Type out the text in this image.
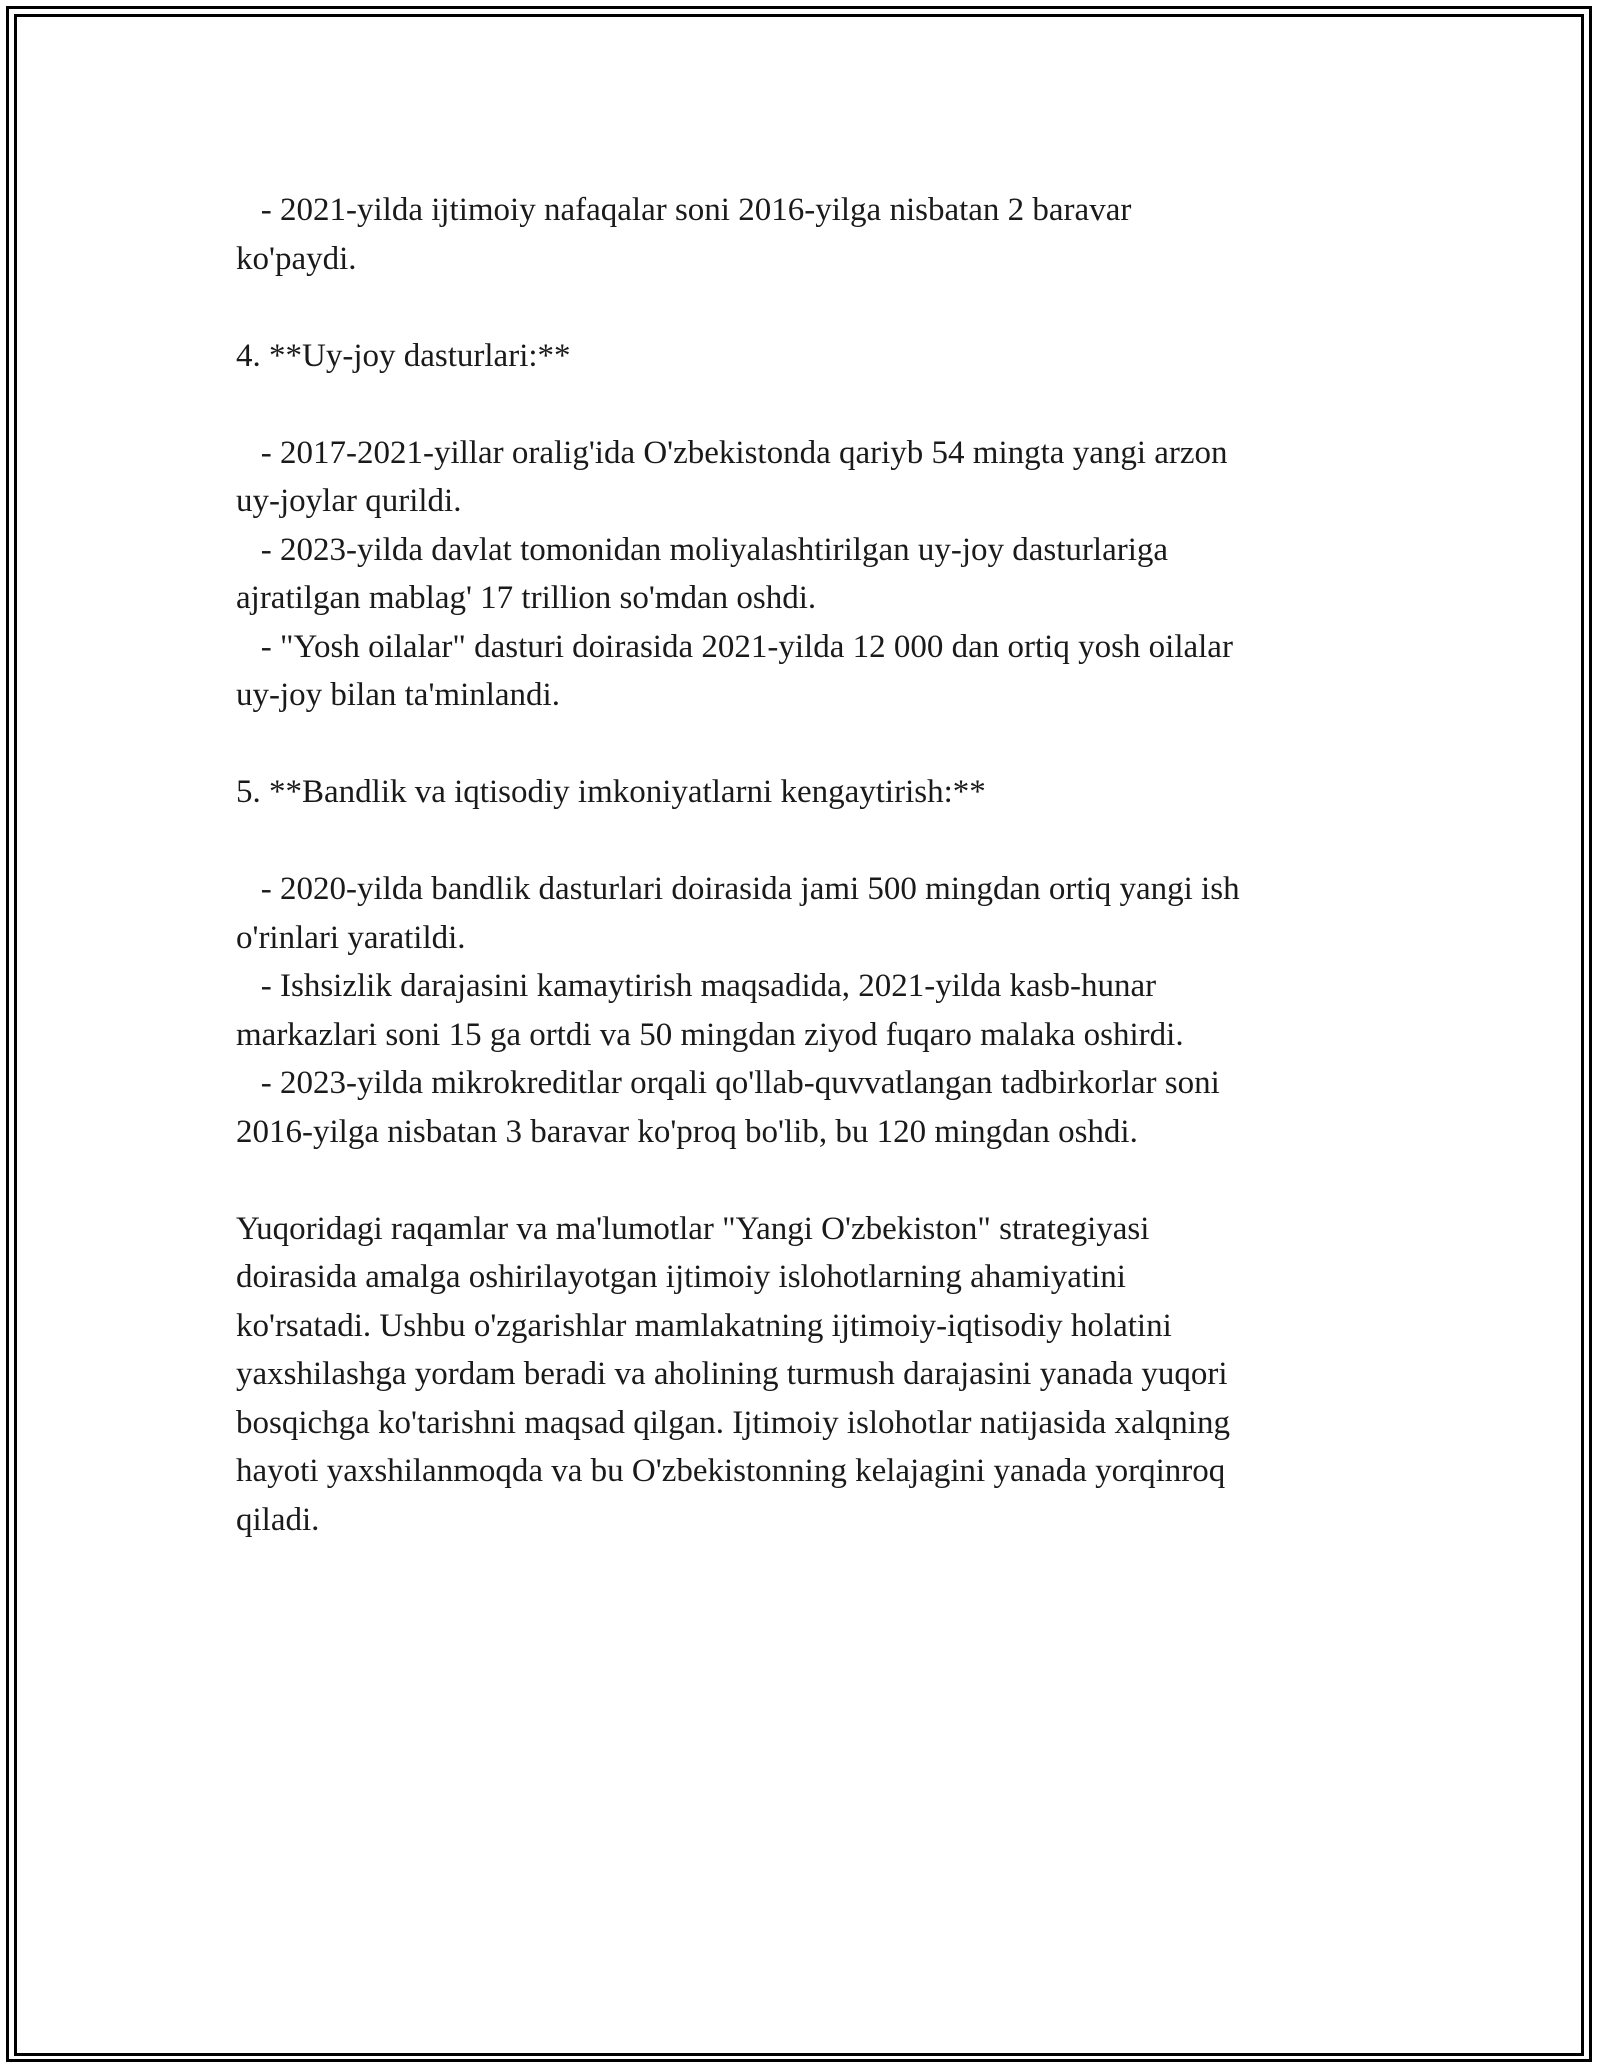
- 2021-yilda ijtimoiy nafaqalar soni 2016-yilga nisbatan 2 baravar
ko'paydi.
4. **Uy-joy dasturlari:**
- 2017-2021-yillar oralig'ida O'zbekistonda qariyb 54 mingta yangi arzon
uy-joylar qurildi.
- 2023-yilda davlat tomonidan moliyalashtirilgan uy-joy dasturlariga
ajratilgan mablag' 17 trillion so'mdan oshdi.
- "Yosh oilalar" dasturi doirasida 2021-yilda 12 000 dan ortiq yosh oilalar
uy-joy bilan ta'minlandi.
5. **Bandlik va iqtisodiy imkoniyatlarni kengaytirish:**
- 2020-yilda bandlik dasturlari doirasida jami 500 mingdan ortiq yangi ish
o'rinlari yaratildi.
- Ishsizlik darajasini kamaytirish maqsadida, 2021-yilda kasb-hunar
markazlari soni 15 ga ortdi va 50 mingdan ziyod fuqaro malaka oshirdi.
- 2023-yilda mikrokreditlar orqali qo'llab-quvvatlangan tadbirkorlar soni
2016-yilga nisbatan 3 baravar ko'proq bo'lib, bu 120 mingdan oshdi.
Yuqoridagi raqamlar va ma'lumotlar "Yangi O'zbekiston" strategiyasi
doirasida amalga oshirilayotgan ijtimoiy islohotlarning ahamiyatini
ko'rsatadi. Ushbu o'zgarishlar mamlakatning ijtimoiy-iqtisodiy holatini
yaxshilashga yordam beradi va aholining turmush darajasini yanada yuqori
bosqichga ko'tarishni maqsad qilgan. Ijtimoiy islohotlar natijasida xalqning
hayoti yaxshilanmoqda va bu O'zbekistonning kelajagini yanada yorqinroq
qiladi.
